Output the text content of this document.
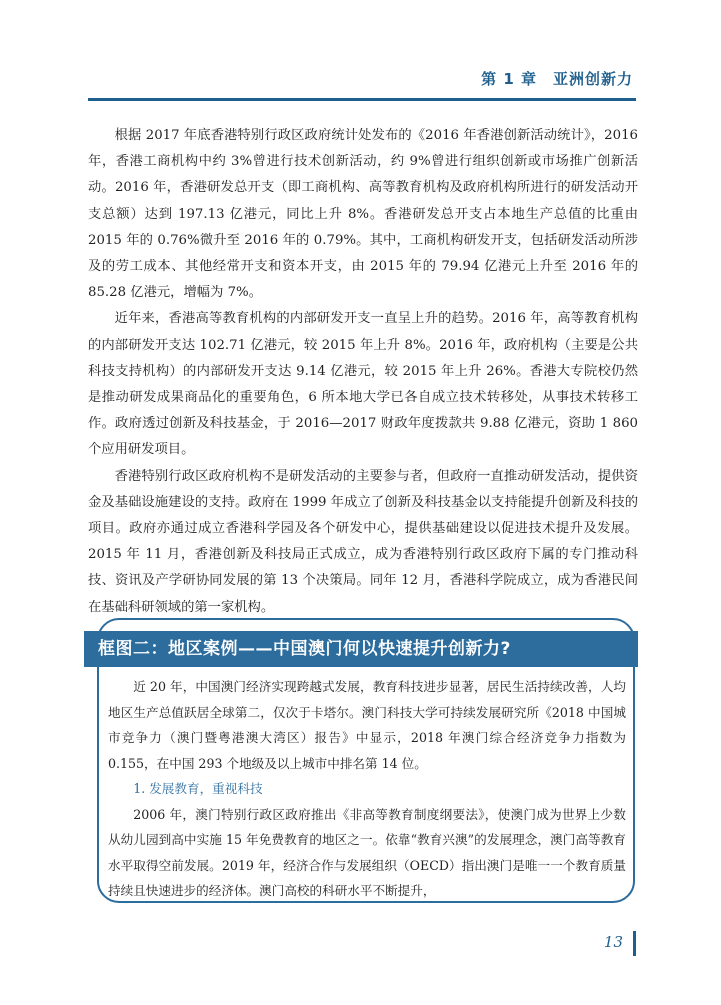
第 1 章　亚洲创新力

根据 2017 年底香港特别行政区政府统计处发布的《2016 年香港创新活动统计》，2016 年，香港工商机构中约 3%曾进行技术创新活动，约 9%曾进行组织创新或市场推广创新活动。2016 年，香港研发总开支（即工商机构、高等教育机构及政府机构所进行的研发活动开支总额）达到 197.13 亿港元，同比上升 8%。香港研发总开支占本地生产总值的比重由 2015 年的 0.76%微升至 2016 年的 0.79%。其中，工商机构研发开支，包括研发活动所涉及的劳工成本、其他经常开支和资本开支，由 2015 年的 79.94 亿港元上升至 2016 年的 85.28 亿港元，增幅为 7%。

近年来，香港高等教育机构的内部研发开支一直呈上升的趋势。2016 年，高等教育机构的内部研发开支达 102.71 亿港元，较 2015 年上升 8%。2016 年，政府机构（主要是公共科技支持机构）的内部研发开支达 9.14 亿港元，较 2015 年上升 26%。香港大专院校仍然是推动研发成果商品化的重要角色，6 所本地大学已各自成立技术转移处，从事技术转移工作。政府透过创新及科技基金，于 2016—2017 财政年度拨款共 9.88 亿港元，资助 1 860 个应用研发项目。

香港特别行政区政府机构不是研发活动的主要参与者，但政府一直推动研发活动，提供资金及基础设施建设的支持。政府在 1999 年成立了创新及科技基金以支持能提升创新及科技的项目。政府亦通过成立香港科学园及各个研发中心，提供基础建设以促进技术提升及发展。2015 年 11 月，香港创新及科技局正式成立，成为香港特别行政区政府下属的专门推动科技、资讯及产学研协同发展的第 13 个决策局。同年 12 月，香港科学院成立，成为香港民间在基础科研领域的第一家机构。

框图二：地区案例——中国澳门何以快速提升创新力?

近 20 年，中国澳门经济实现跨越式发展，教育科技进步显著，居民生活持续改善，人均地区生产总值跃居全球第二，仅次于卡塔尔。澳门科技大学可持续发展研究所《2018 中国城市竞争力（澳门暨粤港澳大湾区）报告》中显示，2018 年澳门综合经济竞争力指数为 0.155，在中国 293 个地级及以上城市中排名第 14 位。

1. 发展教育，重视科技

2006 年，澳门特别行政区政府推出《非高等教育制度纲要法》，使澳门成为世界上少数从幼儿园到高中实施 15 年免费教育的地区之一。依靠“教育兴澳”的发展理念，澳门高等教育水平取得空前发展。2019 年，经济合作与发展组织（OECD）指出澳门是唯一一个教育质量持续且快速进步的经济体。澳门高校的科研水平不断提升，

13
